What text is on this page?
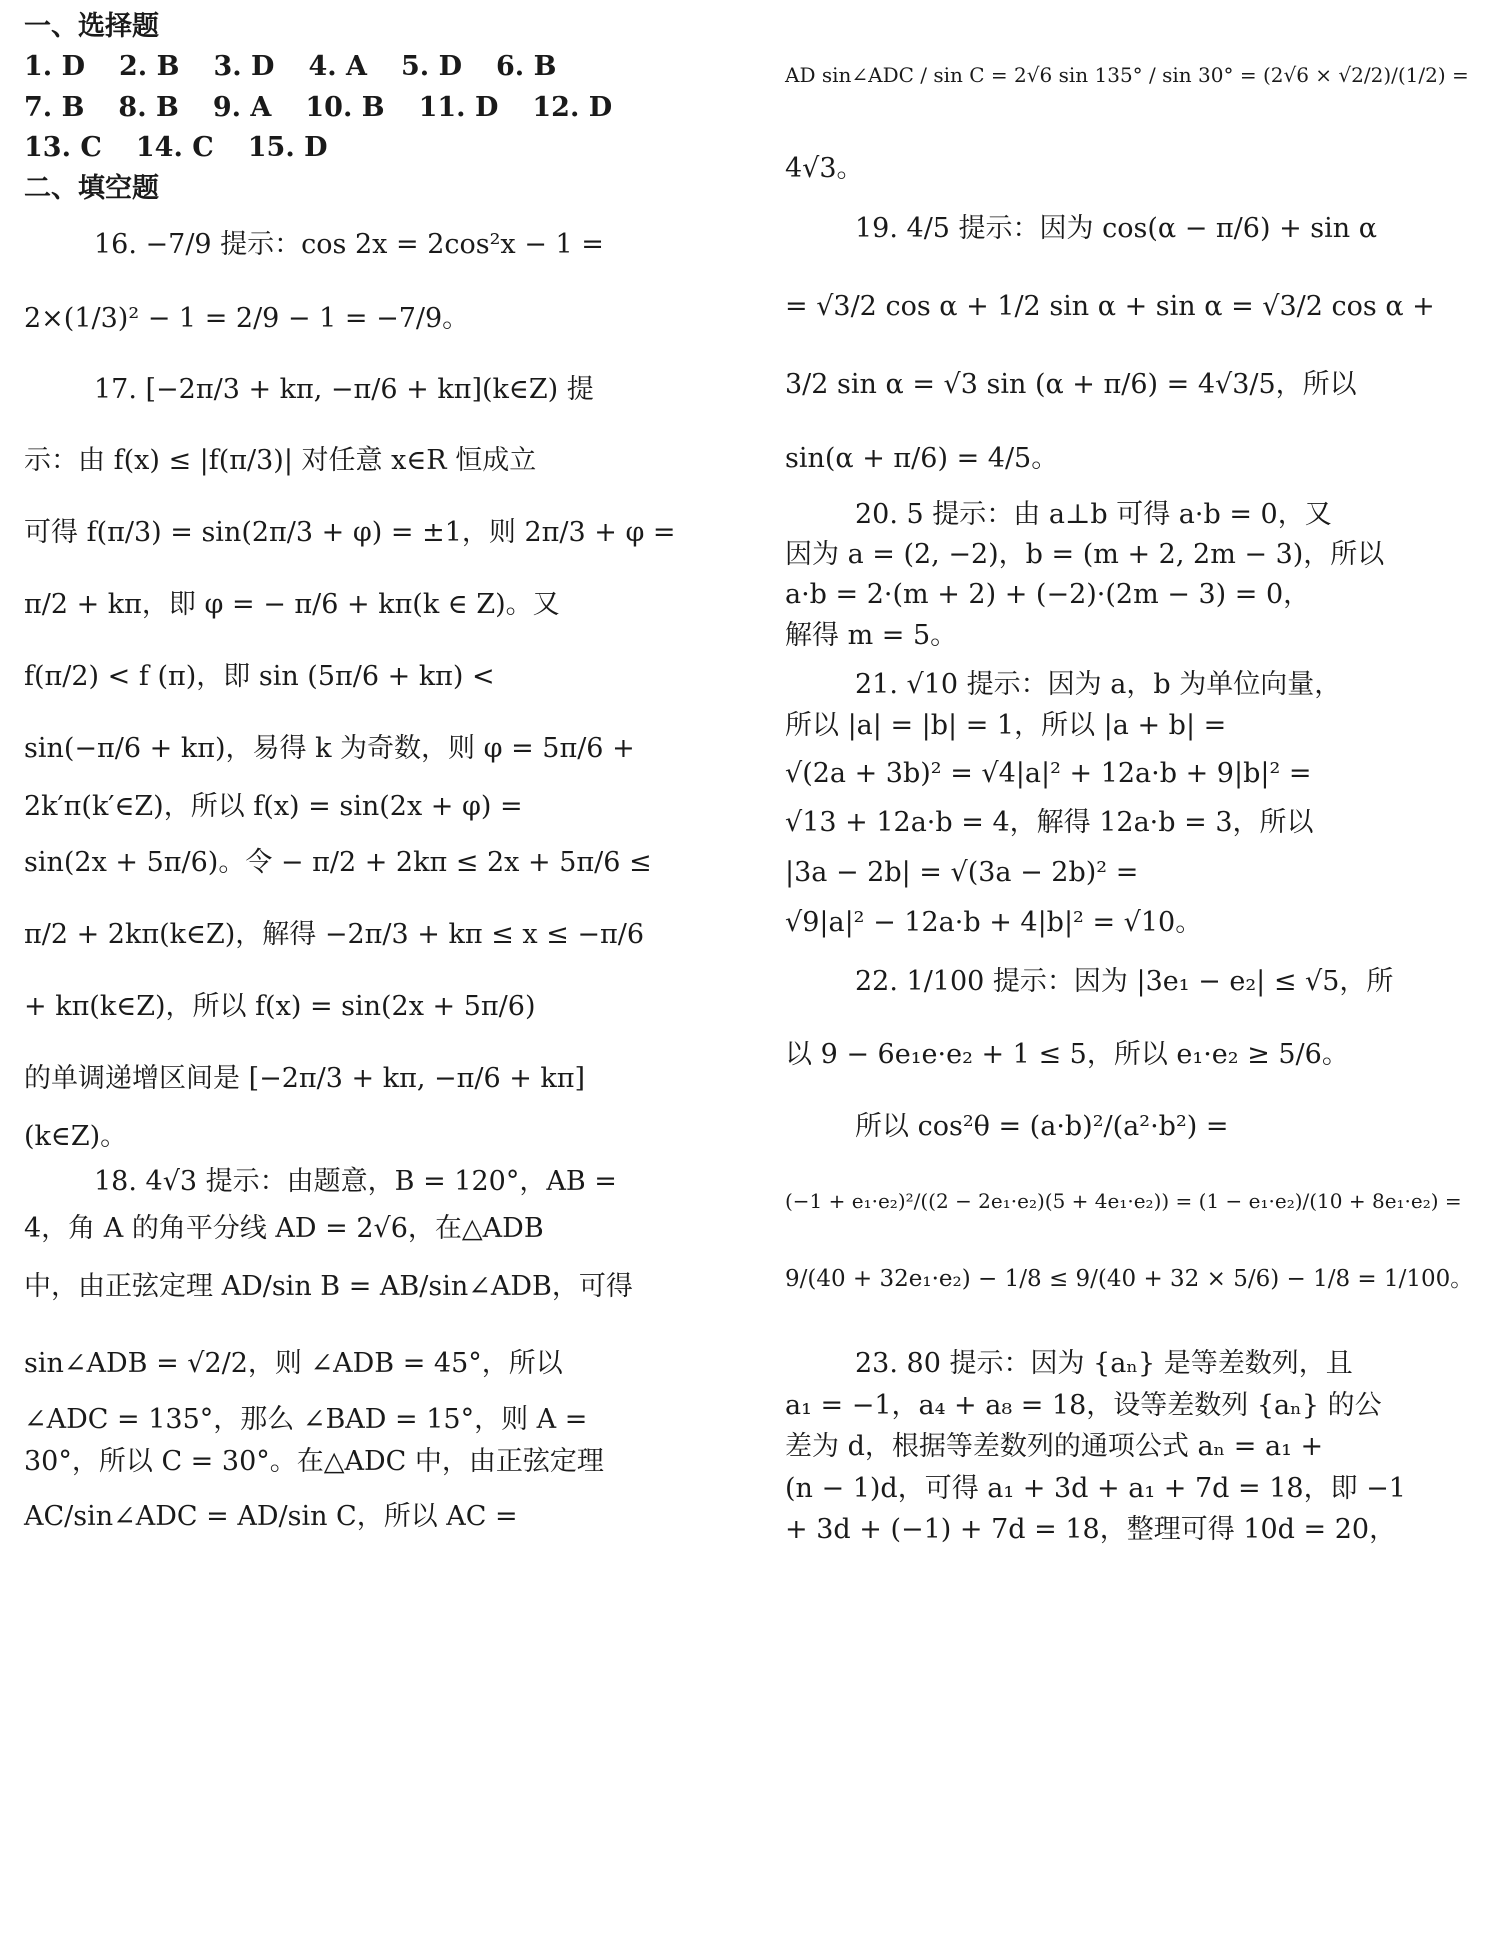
一、选择题
1. D 2. B 3. D 4. A 5. D 6. B
7. B 8. B 9. A 10. B 11. D 12. D
13. C 14. C 15. D
二、填空题
16. −7/9 提示：cos 2x = 2cos²x − 1 =
2×(1/3)² − 1 = 2/9 − 1 = −7/9。
17. [−2π/3 + kπ, −π/6 + kπ](k∈Z) 提
示：由 f(x) ≤ |f(π/3)| 对任意 x∈R 恒成立
可得 f(π/3) = sin(2π/3 + φ) = ±1，则 2π/3 + φ =
π/2 + kπ，即 φ = − π/6 + kπ(k ∈ Z)。又
f(π/2) < f (π)，即 sin (5π/6 + kπ) <
sin(−π/6 + kπ)，易得 k 为奇数，则 φ = 5π/6 +
2k′π(k′∈Z)，所以 f(x) = sin(2x + φ) =
sin(2x + 5π/6)。令 − π/2 + 2kπ ≤ 2x + 5π/6 ≤
π/2 + 2kπ(k∈Z)，解得 −2π/3 + kπ ≤ x ≤ −π/6
+ kπ(k∈Z)，所以 f(x) = sin(2x + 5π/6)
的单调递增区间是 [−2π/3 + kπ, −π/6 + kπ]
(k∈Z)。
18. 4√3 提示：由题意，B = 120°，AB =
4，角 A 的角平分线 AD = 2√6，在△ADB
中，由正弦定理 AD/sin B = AB/sin∠ADB，可得
sin∠ADB = √2/2，则 ∠ADB = 45°，所以
∠ADC = 135°，那么 ∠BAD = 15°，则 A =
30°，所以 C = 30°。在△ADC 中，由正弦定理
AC/sin∠ADC = AD/sin C，所以 AC =
AD sin∠ADC / sin C = 2√6 sin 135° / sin 30° = (2√6 × √2/2)/(1/2) =
4√3。
19. 4/5 提示：因为 cos(α − π/6) + sin α
= √3/2 cos α + 1/2 sin α + sin α = √3/2 cos α +
3/2 sin α = √3 sin (α + π/6) = 4√3/5，所以
sin(α + π/6) = 4/5。
20. 5 提示：由 a⊥b 可得 a·b = 0，又
因为 a = (2, −2)，b = (m + 2, 2m − 3)，所以
a·b = 2·(m + 2) + (−2)·(2m − 3) = 0，
解得 m = 5。
21. √10 提示：因为 a，b 为单位向量，
所以 |a| = |b| = 1，所以 |a + b| =
√(2a + 3b)² = √4|a|² + 12a·b + 9|b|² =
√13 + 12a·b = 4，解得 12a·b = 3，所以
|3a − 2b| = √(3a − 2b)² =
√9|a|² − 12a·b + 4|b|² = √10。
22. 1/100 提示：因为 |3e₁ − e₂| ≤ √5，所
以 9 − 6e₁e·e₂ + 1 ≤ 5，所以 e₁·e₂ ≥ 5/6。
所以 cos²θ = (a·b)²/(a²·b²) =
(−1 + e₁·e₂)²/((2 − 2e₁·e₂)(5 + 4e₁·e₂)) = (1 − e₁·e₂)/(10 + 8e₁·e₂) =
9/(40 + 32e₁·e₂) − 1/8 ≤ 9/(40 + 32 × 5/6) − 1/8 = 1/100。
23. 80 提示：因为 {aₙ} 是等差数列，且
a₁ = −1，a₄ + a₈ = 18，设等差数列 {aₙ} 的公
差为 d，根据等差数列的通项公式 aₙ = a₁ +
(n − 1)d，可得 a₁ + 3d + a₁ + 7d = 18，即 −1
+ 3d + (−1) + 7d = 18，整理可得 10d = 20，
